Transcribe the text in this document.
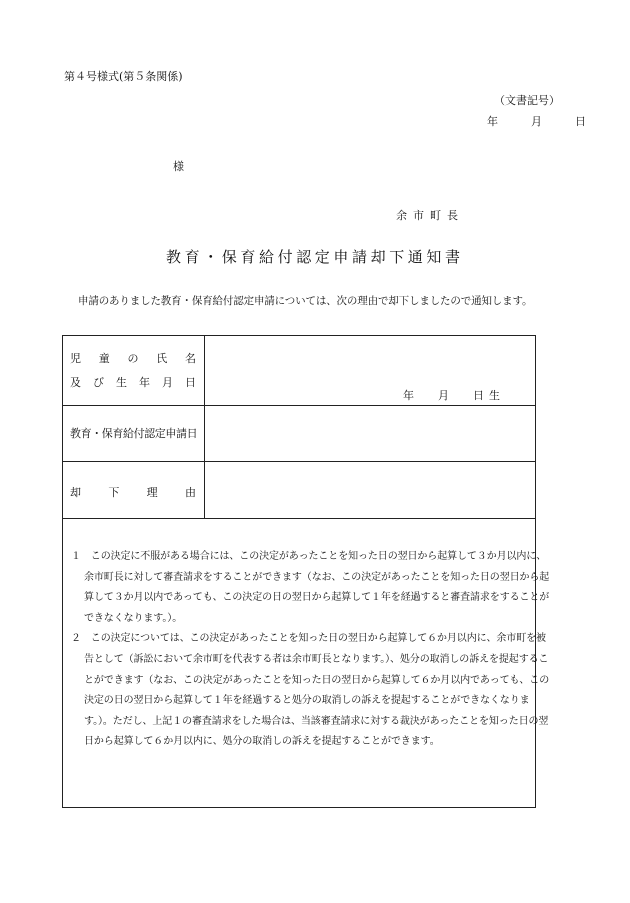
第４号様式(第５条関係)
（文書記号）
年	月	日
様
余市町長
教育・保育給付認定申請却下通知書
申請のありました教育・保育給付認定申請については、次の理由で却下しましたので通知します。
児 童 の 氏 名
及 び 生 年 月 日
年 月 日生
教育・保育給付認定申請日
却 下 理 由
１　この決定に不服がある場合には、この決定があったことを知った日の翌日から起算して３か月以内に、
余市町長に対して審査請求をすることができます（なお、この決定があったことを知った日の翌日から起
算して３か月以内であっても、この決定の日の翌日から起算して１年を経過すると審査請求をすることが
できなくなります。）。
２　この決定については、この決定があったことを知った日の翌日から起算して６か月以内に、余市町を被
告として（訴訟において余市町を代表する者は余市町長となります。）、処分の取消しの訴えを提起するこ
とができます（なお、この決定があったことを知った日の翌日から起算して６か月以内であっても、この
決定の日の翌日から起算して１年を経過すると処分の取消しの訴えを提起することができなくなりま
す。）。ただし、上記１の審査請求をした場合は、当該審査請求に対する裁決があったことを知った日の翌
日から起算して６か月以内に、処分の取消しの訴えを提起することができます。
